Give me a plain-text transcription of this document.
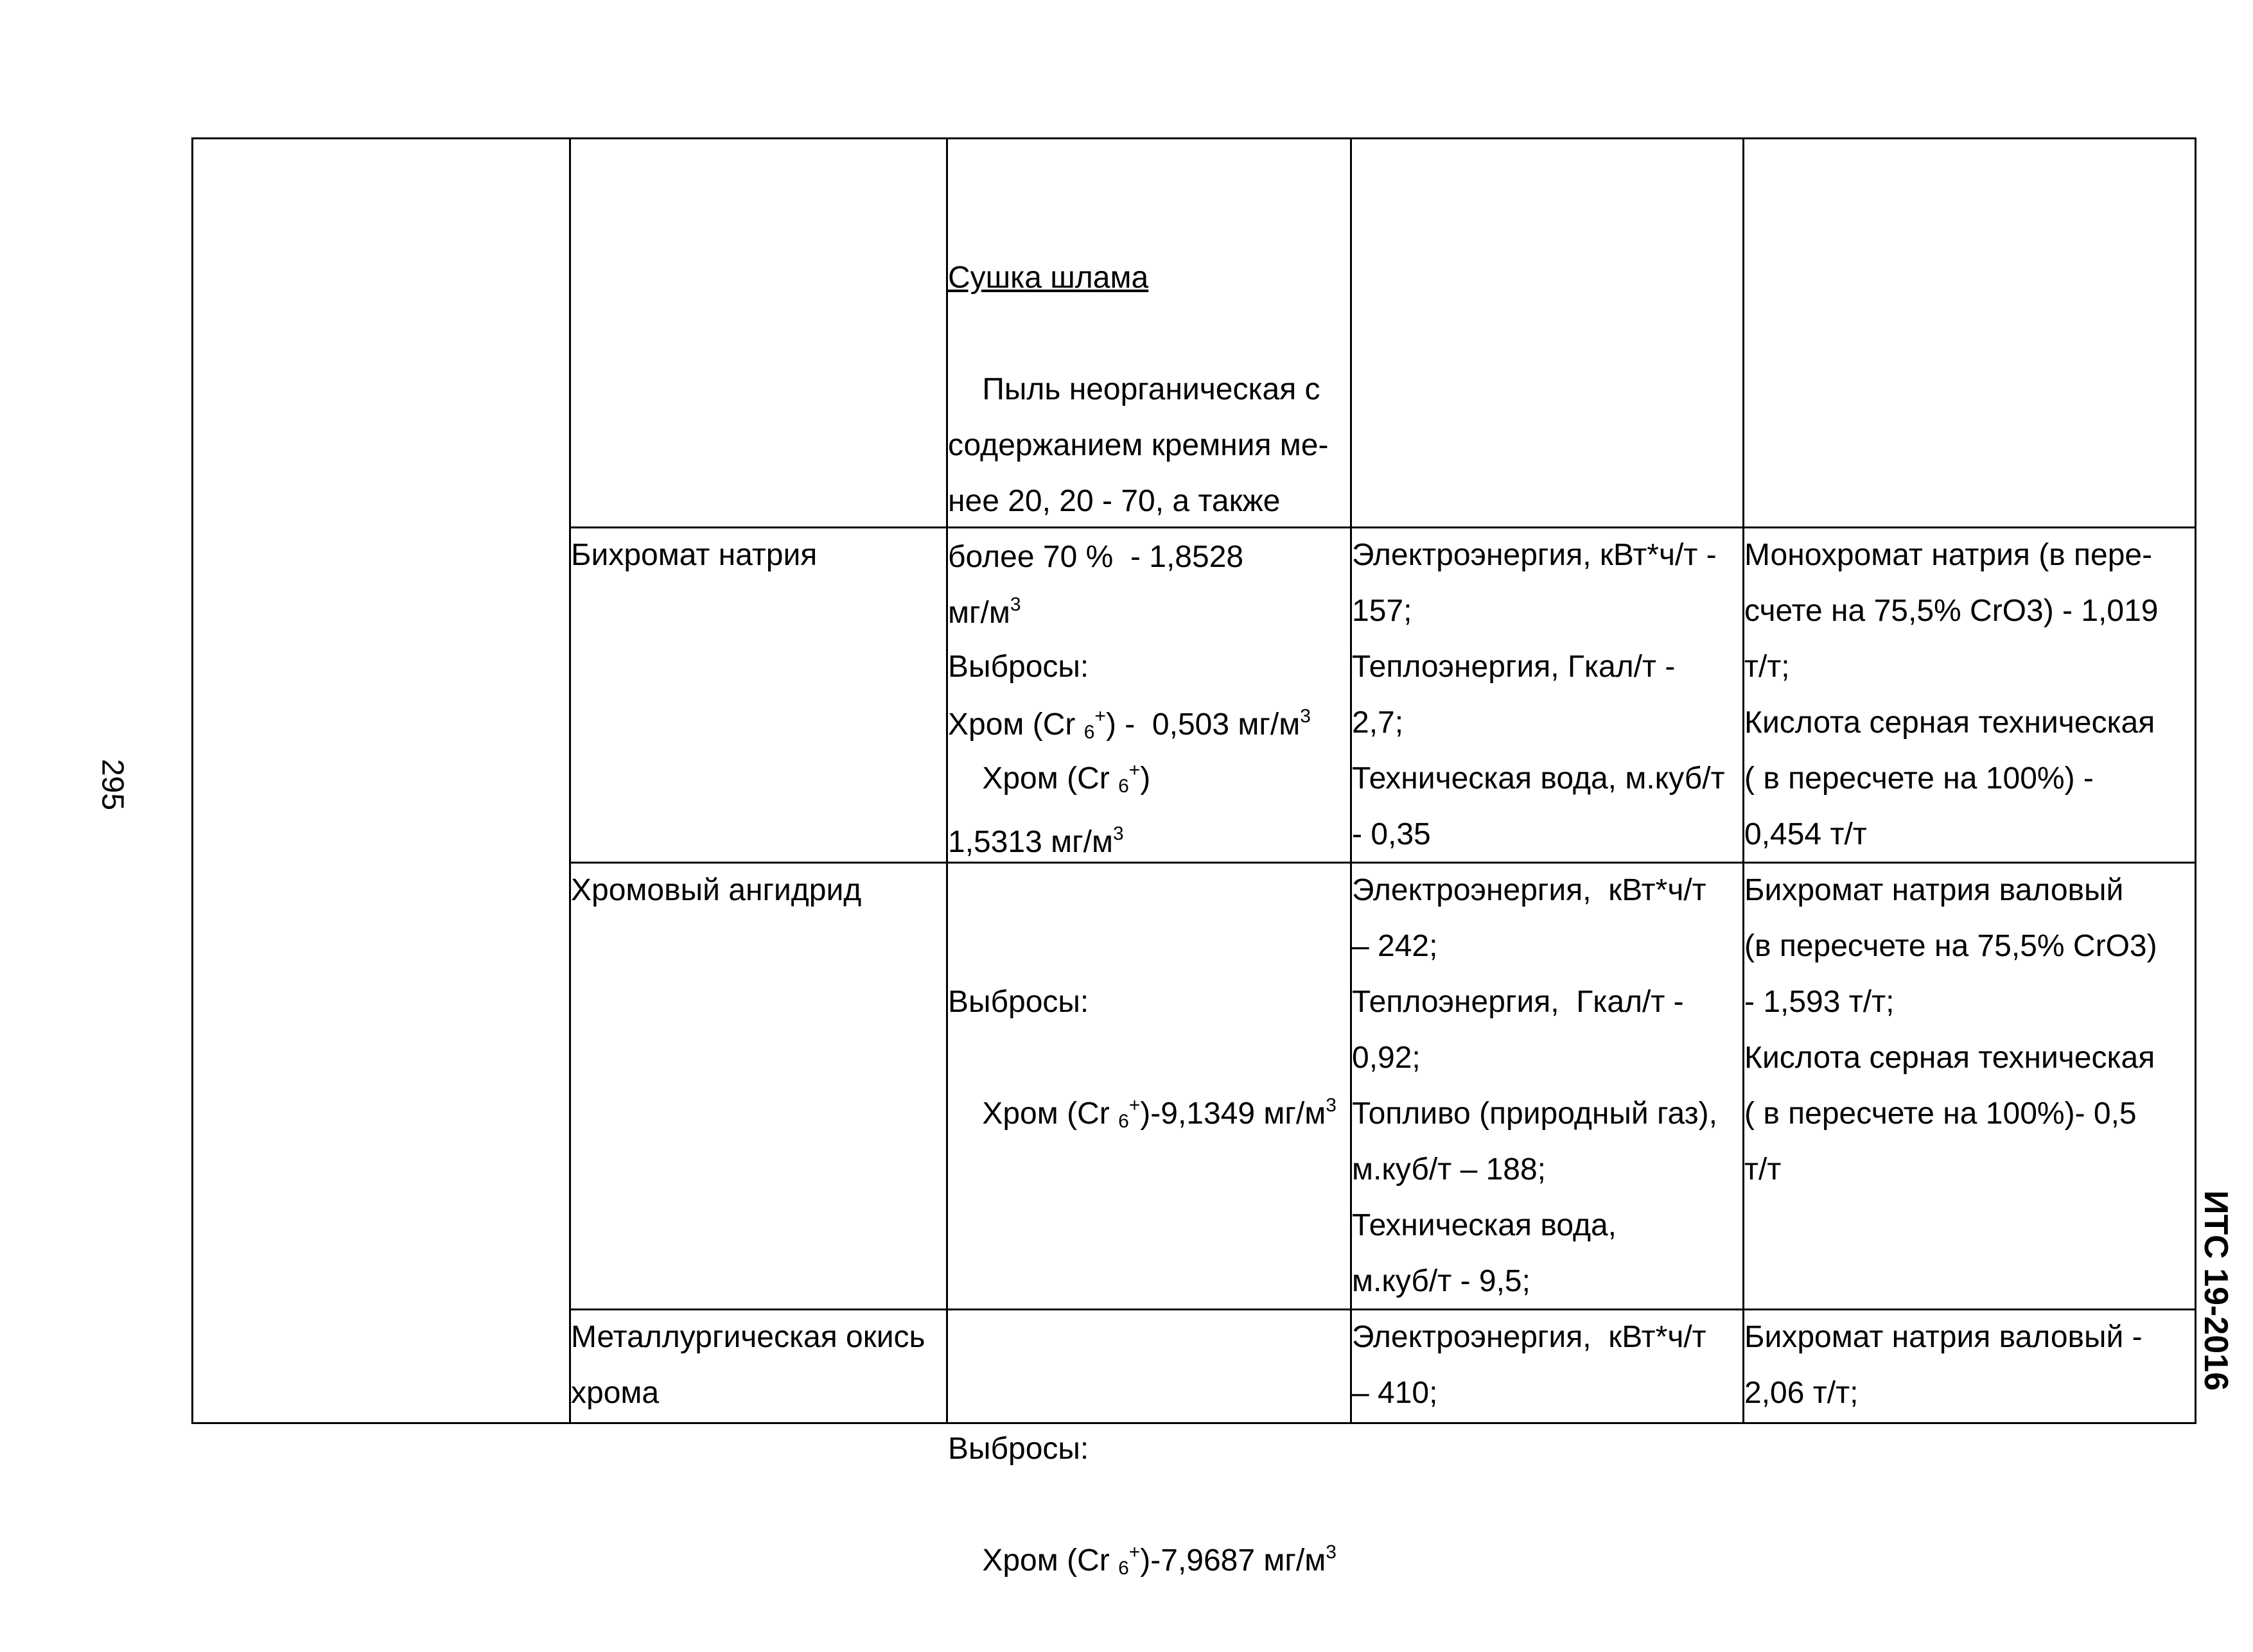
295
ИТС 19-2016

Сушка шлама

Пыль неорганическая с
содержанием кремния ме-
нее 20, 20 - 70, а также
более 70 %  - 1,8528
$мг/м^3$

Хром (Cr $_6$+) -  0,503 $мг/м^3$

Бихромат натрия

Выбросы:

Хром (Cr $_6$+)
1,5313 $мг/м^3$

Электроэнергия, кВт*ч/т -
157;
Теплоэнергия, Гкал/т -
2,7;
Техническая вода, м.куб/т
- 0,35
Монохромат натрия (в пере-
счете на 75,5% CrO3) - 1,019
т/т;
Кислота серная техническая
( в пересчете на 100%) -
0,454 т/т
Хромовый ангидрид

Выбросы:

Хром (Cr $_6$+)-9,1349 $мг/м^3$

Электроэнергия,  кВт*ч/т
– 242;
Теплоэнергия,  Гкал/т -
0,92;
Топливо (природный газ),
м.куб/т – 188;
Техническая вода,
м.куб/т - 9,5;
Бихромат натрия валовый
(в пересчете на 75,5% CrO3)
- 1,593 т/т;
Кислота серная техническая
( в пересчете на 100%)- 0,5
т/т
Металлургическая окись
хрома

Выбросы:

Хром (Cr $_6$+)-7,9687 $мг/м^3$

Электроэнергия,  кВт*ч/т
– 410;
Бихромат натрия валовый -
2,06 т/т;
